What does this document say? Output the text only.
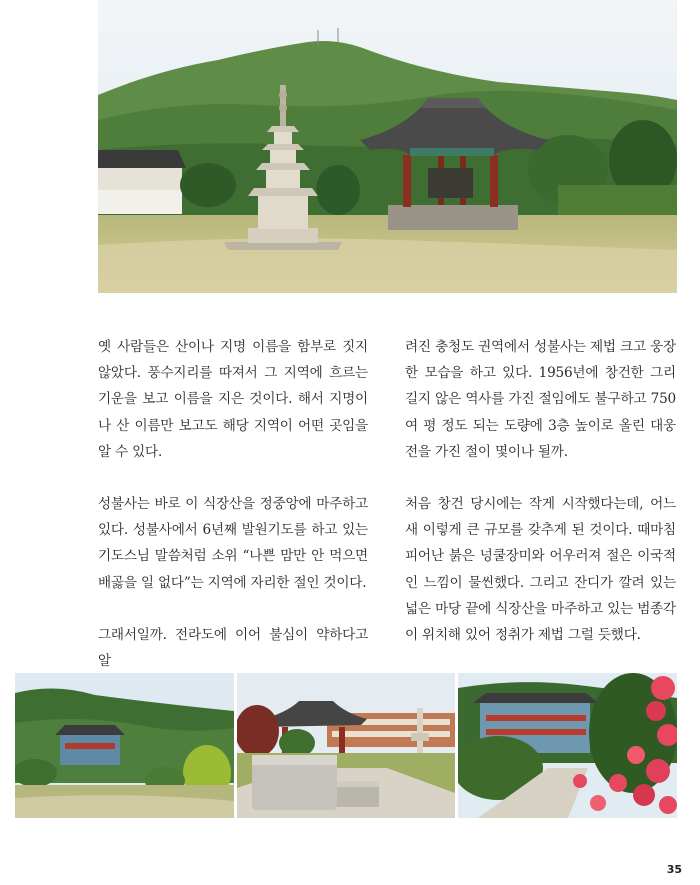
옛 사람들은 산이나 지명 이름을 함부로 짓지 않았다. 풍수지리를 따져서 그 지역에 흐르는 기운을 보고 이름을 지은 것이다. 해서 지명이나 산 이름만 보고도 해당 지역이 어떤 곳임을 알 수 있다.

성불사는 바로 이 식장산을 정중앙에 마주하고 있다. 성불사에서 6년째 발원기도를 하고 있는 기도스님 말씀처럼 소위 “나쁜 맘만 안 먹으면 배곯을 일 없다”는 지역에 자리한 절인 것이다.

그래서일까. 전라도에 이어 불심이 약하다고 알

려진 충청도 권역에서 성불사는 제법 크고 웅장한 모습을 하고 있다. 1956년에 창건한 그리 길지 않은 역사를 가진 절임에도 불구하고 750여 평 정도 되는 도량에 3층 높이로 올린 대웅전을 가진 절이 몇이나 될까.

처음 창건 당시에는 작게 시작했다는데, 어느 새 이렇게 큰 규모를 갖추게 된 것이다. 때마침 피어난 붉은 넝쿨장미와 어우러져 절은 이국적인 느낌이 물씬했다. 그리고 잔디가 깔려 있는 넓은 마당 끝에 식장산을 마주하고 있는 범종각이 위치해 있어 정취가 제법 그럴 듯했다.

35
